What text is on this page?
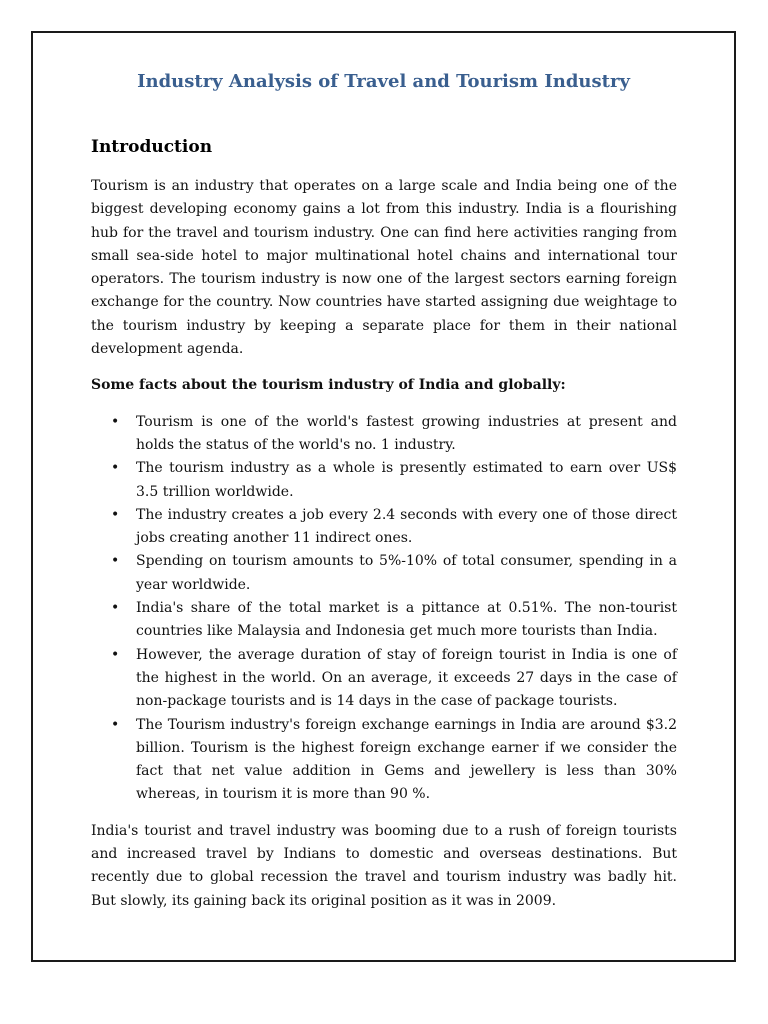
Industry Analysis of Travel and Tourism Industry
Introduction

Tourism is an industry that operates on a large scale and India being one of the biggest developing economy gains a lot from this industry. India is a flourishing hub for the travel and tourism industry. One can find here activities ranging from small sea-side hotel to major multinational hotel chains and international tour operators. The tourism industry is now one of the largest sectors earning foreign exchange for the country. Now countries have started assigning due weightage to the tourism industry by keeping a separate place for them in their national development agenda.

Some facts about the tourism industry of India and globally:

• Tourism is one of the world's fastest growing industries at present and holds the status of the world's no. 1 industry.
• The tourism industry as a whole is presently estimated to earn over US$ 3.5 trillion worldwide.
• The industry creates a job every 2.4 seconds with every one of those direct jobs creating another 11 indirect ones.
• Spending on tourism amounts to 5%-10% of total consumer, spending in a year worldwide.
• India's share of the total market is a pittance at 0.51%. The non-tourist countries like Malaysia and Indonesia get much more tourists than India.
• However, the average duration of stay of foreign tourist in India is one of the highest in the world. On an average, it exceeds 27 days in the case of non-package tourists and is 14 days in the case of package tourists.
• The Tourism industry's foreign exchange earnings in India are around $3.2 billion. Tourism is the highest foreign exchange earner if we consider the fact that net value addition in Gems and jewellery is less than 30% whereas, in tourism it is more than 90 %.

India's tourist and travel industry was booming due to a rush of foreign tourists and increased travel by Indians to domestic and overseas destinations. But recently due to global recession the travel and tourism industry was badly hit. But slowly, its gaining back its original position as it was in 2009.
